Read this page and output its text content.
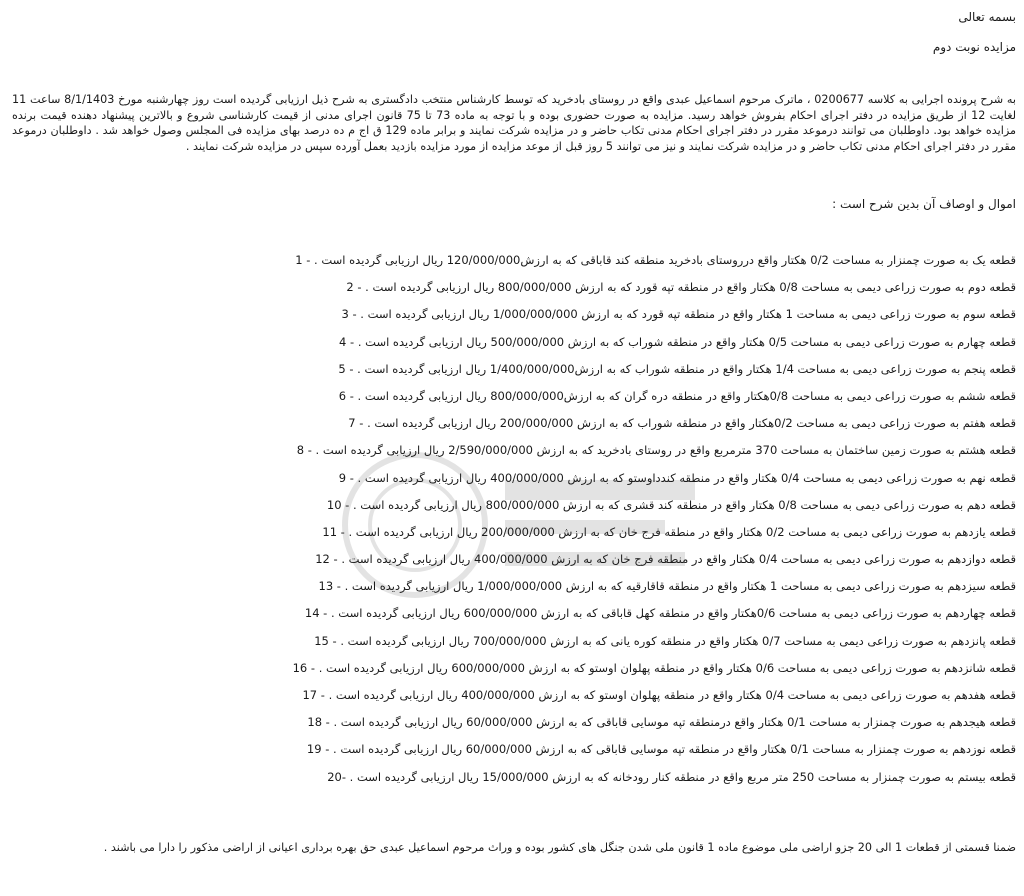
بسمه تعالی
مزایده نوبت دوم
به شرح پرونده اجرایی به کلاسه 0200677 ، ماترک مرحوم اسماعیل عبدی واقع در روستای بادخرید که توسط کارشناس منتخب دادگستری به شرح ذیل ارزیابی گردیده است روز چهارشنبه مورخ 8/1/1403 ساعت 11 لغایت 12 از طریق مزایده در دفتر اجرای احکام بفروش خواهد رسید. مزایده به صورت حضوری بوده و با توجه به ماده 73 تا 75 قانون اجرای مدنی از قیمت کارشناسی شروع و بالاترین پیشنهاد دهنده قیمت برنده مزایده خواهد بود. داوطلبان می توانند درموعد مقرر در دفتر اجرای احکام مدنی تکاب حاضر و در مزایده شرکت نمایند و برابر ماده 129 ق اج م ده درصد بهای مزایده فی المجلس وصول خواهد شد . داوطلبان درموعد مقرر در دفتر اجرای احکام مدنی تکاب حاضر و در مزایده شرکت نمایند و نیز می توانند 5 روز قبل از موعد مزایده از مورد مزایده بازدید بعمل آورده سپس در مزایده شرکت نمایند .
اموال و اوصاف آن بدین شرح است :
قطعه یک به صورت چمنزار به مساحت 0/2 هکتار واقع درروستای بادخرید منطقه کند قاباقی که به ارزش120/000/000 ریال ارزیابی گردیده است . - 1
قطعه دوم به صورت زراعی دیمی به مساحت 0/8 هکتار واقع در منطقه تپه قورد که به ارزش 800/000/000 ریال ارزیابی گردیده است . - 2
قطعه سوم به صورت زراعی دیمی به مساحت 1 هکتار واقع در منطقه تپه قورد که به ارزش 1/000/000/000 ریال ارزیابی گردیده است . - 3
قطعه چهارم به صورت زراعی دیمی به مساحت 0/5 هکتار واقع در منطقه شوراب که به ارزش 500/000/000 ریال ارزیابی گردیده است . - 4
قطعه پنجم به صورت زراعی دیمی به مساحت 1/4 هکتار واقع در منطقه شوراب که به ارزش1/400/000/000 ریال ارزیابی گردیده است . - 5
قطعه ششم به صورت زراعی دیمی به مساحت 0/8هکتار واقع در منطقه دره گران که به ارزش800/000/000 ریال ارزیابی گردیده است . - 6
قطعه هفتم به صورت زراعی دیمی به مساحت 0/2هکتار واقع در منطقه شوراب که به ارزش 200/000/000 ریال ارزیابی گردیده است . - 7
قطعه هشتم به صورت زمین ساختمان به مساحت 370 مترمربع واقع در روستای بادخرید که به ارزش 2/590/000/000 ریال ارزیابی گردیده است . - 8
قطعه نهم به صورت زراعی دیمی به مساحت 0/4 هکتار واقع در منطقه کندداوستو که به ارزش 400/000/000 ریال ارزیابی گردیده است . - 9
قطعه دهم به صورت زراعی دیمی به مساحت 0/8 هکتار واقع در منطقه کند قشری که به ارزش 800/000/000 ریال ارزیابی گردیده است . - 10
قطعه یازدهم به صورت زراعی دیمی به مساحت 0/2 هکتار واقع در منطقه فرج خان که به ارزش 200/000/000 ریال ارزیابی گردیده است . - 11
قطعه دوازدهم به صورت زراعی دیمی به مساحت 0/4 هکتار واقع در منطقه فرج خان که به ارزش 400/000/000 ریال ارزیابی گردیده است . - 12
قطعه سیزدهم به صورت زراعی دیمی به مساحت 1 هکتار واقع در منطقه قاقارقیه که به ارزش 1/000/000/000 ریال ارزیابی گردیده است . - 13
قطعه چهاردهم به صورت زراعی دیمی به مساحت 0/6هکتار واقع در منطقه کهل قاباقی که به ارزش 600/000/000 ریال ارزیابی گردیده است . - 14
قطعه پانزدهم به صورت زراعی دیمی به مساحت 0/7 هکتار واقع در منطقه کوره یانی که به ارزش 700/000/000 ریال ارزیابی گردیده است . - 15
قطعه شانزدهم به صورت زراعی دیمی به مساحت 0/6 هکتار واقع در منطقه پهلوان اوستو که به ارزش 600/000/000 ریال ارزیابی گردیده است . - 16
قطعه هفدهم به صورت زراعی دیمی به مساحت 0/4 هکتار واقع در منطقه پهلوان اوستو که به ارزش 400/000/000 ریال ارزیابی گردیده است . - 17
قطعه هیجدهم به صورت چمنزار به مساحت 0/1 هکتار واقع درمنطقه تپه موسایی قاباقی که به ارزش 60/000/000 ریال ارزیابی گردیده است . - 18
قطعه نوزدهم به صورت چمنزار به مساحت 0/1 هکتار واقع در منطقه تپه موسایی قاباقی که به ارزش 60/000/000 ریال ارزیابی گردیده است . - 19
قطعه بیستم به صورت چمنزار به مساحت 250 متر مربع واقع در منطقه کنار رودخانه که به ارزش 15/000/000 ریال ارزیابی گردیده است . -20
ضمنا قسمتی از قطعات 1 الی 20 جزو اراضی ملی موضوع ماده 1 قانون ملی شدن جنگل های کشور بوده و وراث مرحوم اسماعیل عبدی حق بهره برداری اعیانی از اراضی مذکور را دارا می باشند .
